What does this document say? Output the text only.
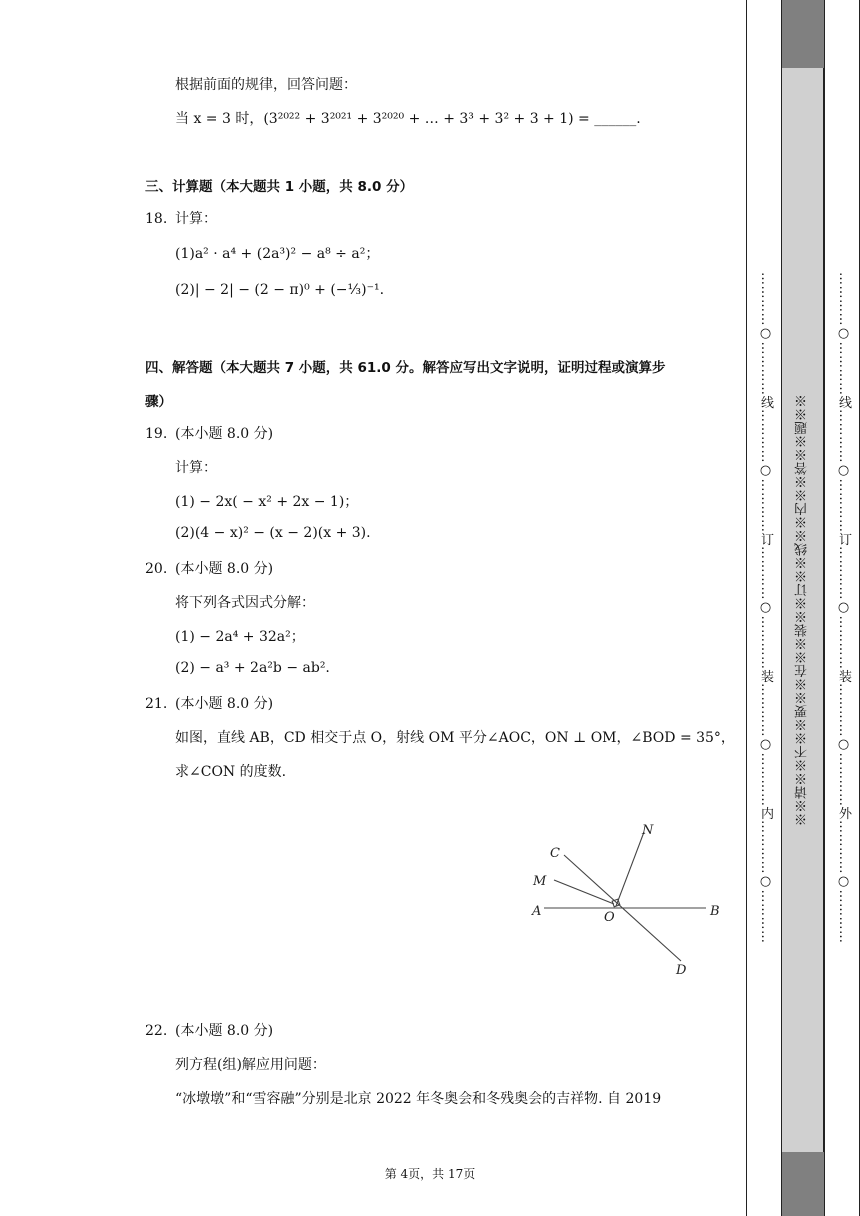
根据前面的规律，回答问题：
当 x = 3 时，(3²⁰²² + 3²⁰²¹ + 3²⁰²⁰ + … + 3³ + 3² + 3 + 1) = ______.
三、计算题（本大题共 1 小题，共 8.0 分）
18. 计算：
(1)a² · a⁴ + (2a³)² − a⁸ ÷ a²；
(2)| − 2| − (2 − π)⁰ + (−⅓)⁻¹.
四、解答题（本大题共 7 小题，共 61.0 分。解答应写出文字说明，证明过程或演算步
骤）
19. (本小题 8.0 分)
计算：
(1) − 2x( − x² + 2x − 1)；
(2)(4 − x)² − (x − 2)(x + 3).
20. (本小题 8.0 分)
将下列各式因式分解：
(1) − 2a⁴ + 32a²；
(2) − a³ + 2a²b − ab².
21. (本小题 8.0 分)
如图，直线 AB，CD 相交于点 O，射线 OM 平分∠AOC，ON ⊥ OM，∠BOD = 35°，
求∠CON 的度数.
A	B
C
D
M
N
O
22. (本小题 8.0 分)
列方程(组)解应用问题：
“冰墩墩”和“雪容融”分别是北京 2022 年冬奥会和冬残奥会的吉祥物. 自 2019
第 4页，共 17页
…………○…………线…………○…………订…………○…………装…………○…………内…………○…………	※※请※※不※※要※※在※※装※※订※※线※※内※※答※※题※※	…………○…………线…………○…………订…………○…………装…………○…………外…………○…………
